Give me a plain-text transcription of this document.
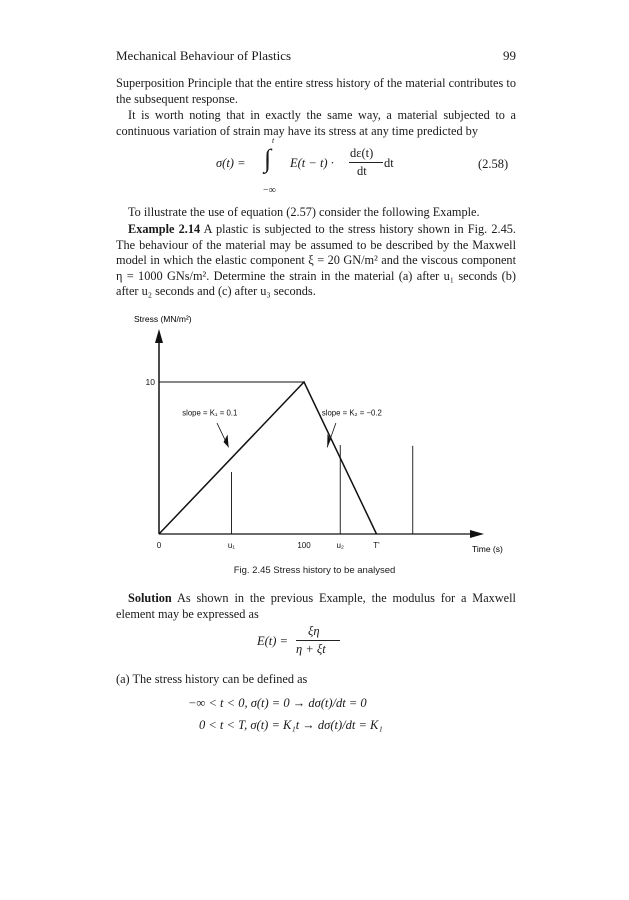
Mechanical Behaviour of Plastics	99
Superposition Principle that the entire stress history of the material contributes to the subsequent response.
It is worth noting that in exactly the same way, a material subjected to a continuous variation of strain may have its stress at any time predicted by
σ(t) =
t
∫
−∞
E(t − t) ·
dε(t)
dt
dt	(2.58)
To illustrate the use of equation (2.57) consider the following Example.
Example 2.14 A plastic is subjected to the stress history shown in Fig. 2.45. The behaviour of the material may be assumed to be described by the Maxwell model in which the elastic component ξ = 20 GN/m² and the viscous component η = 1000 GNs/m². Determine the strain in the material (a) after u₁ seconds (b) after u₂ seconds and (c) after u₃ seconds.
Stress (MN/m²)
Time (s)
10
0	u₁	100	u₂	T'
slope = K₁ = 0.1	slope = K₂ = −0.2
Fig. 2.45 Stress history to be analysed
Solution As shown in the previous Example, the modulus for a Maxwell element may be expressed as
E(t) =
ξη
η + ξt
(a) The stress history can be defined as
−∞ < t < 0, σ(t) = 0 → dσ(t)/dt = 0
0 < t < T, σ(t) = K₁t → dσ(t)/dt = K₁
